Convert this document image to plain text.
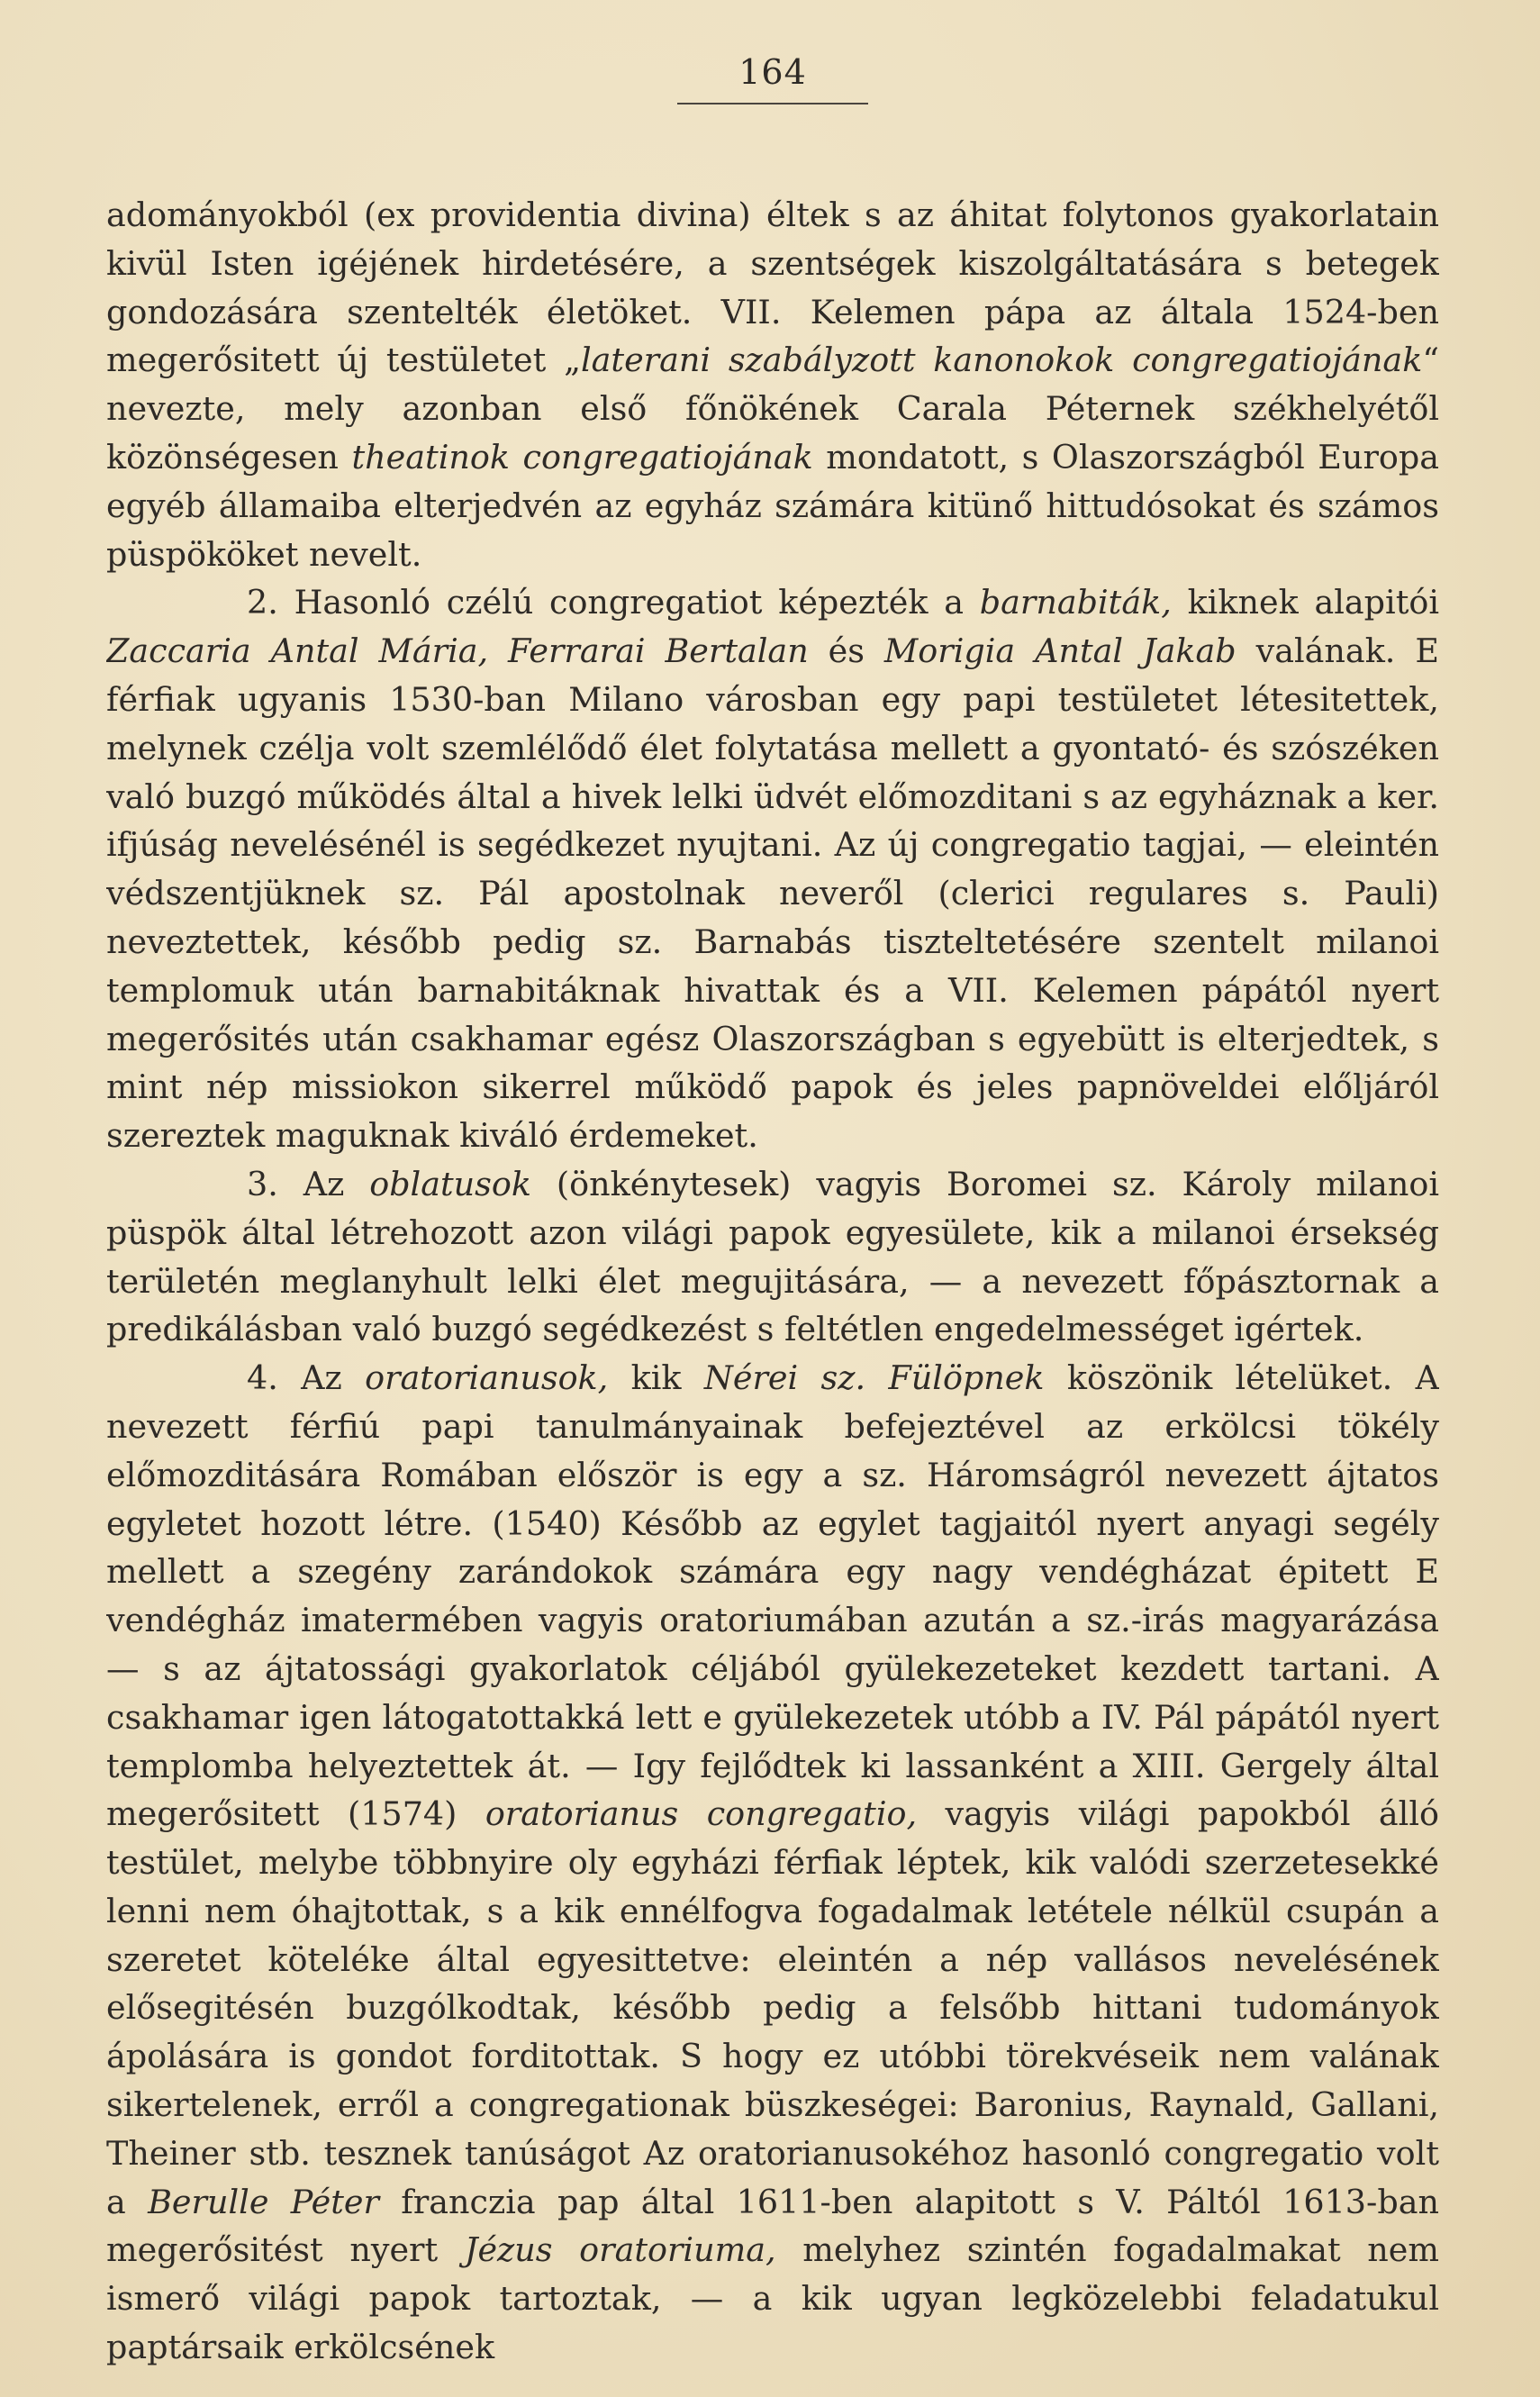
164

adományokból (ex providentia divina) éltek s az áhitat folytonos gyakorlatain kivül Isten igéjének hirdetésére, a szentségek kiszolgáltatására s betegek gondozására szentelték életöket. VII. Kelemen pápa az általa 1524-ben megerősitett új testületet „laterani szabályzott kanonokok congregatiojának“ nevezte, mely azonban első főnökének Carala Péternek székhelyétől közönségesen theatinok congregatiojának mondatott, s Olaszországból Europa egyéb államaiba elterjedvén az egyház számára kitünő hittudósokat és számos püspököket nevelt.

2. Hasonló czélú congregatiot képezték a barnabiták, kiknek alapitói Zaccaria Antal Mária, Ferrarai Bertalan és Morigia Antal Jakab valának. E férfiak ugyanis 1530-ban Milano városban egy papi testületet létesitettek, melynek czélja volt szemlélődő élet folytatása mellett a gyontató- és szószéken való buzgó működés által a hivek lelki üdvét előmozditani s az egyháznak a ker. ifjúság nevelésénél is segédkezet nyujtani. Az új congregatio tagjai, — eleintén védszentjüknek sz. Pál apostolnak neveről (clerici regulares s. Pauli) neveztettek, később pedig sz. Barnabás tiszteltetésére szentelt milanoi templomuk után barnabitáknak hivattak és a VII. Kelemen pápától nyert megerősités után csakhamar egész Olaszországban s egyebütt is elterjedtek, s mint nép missiokon sikerrel működő papok és jeles papnöveldei előljáról szereztek maguknak kiváló érdemeket.

3. Az oblatusok (önkénytesek) vagyis Boromei sz. Károly milanoi püspök által létrehozott azon világi papok egyesülete, kik a milanoi érsekség területén meglanyhult lelki élet megujitására, — a nevezett főpásztornak a predikálásban való buzgó segédkezést s feltétlen engedelmességet igértek.

4. Az oratorianusok, kik Nérei sz. Fülöpnek köszönik lételüket. A nevezett férfiú papi tanulmányainak befejeztével az erkölcsi tökély előmozditására Romában először is egy a sz. Háromságról nevezett ájtatos egyletet hozott létre. (1540) Később az egylet tagjaitól nyert anyagi segély mellett a szegény zarándokok számára egy nagy vendégházat épitett E vendégház imatermében vagyis oratoriumában azután a sz.-irás magyarázása — s az ájtatossági gyakorlatok céljából gyülekezeteket kezdett tartani. A csakhamar igen látogatottakká lett e gyülekezetek utóbb a IV. Pál pápától nyert templomba helyeztettek át. — Igy fejlődtek ki lassanként a XIII. Gergely által megerősitett (1574) oratorianus congregatio, vagyis világi papokból álló testület, melybe többnyire oly egyházi férfiak léptek, kik valódi szerzetesekké lenni nem óhajtottak, s a kik ennélfogva fogadalmak letétele nélkül csupán a szeretet köteléke által egyesittetve: eleintén a nép vallásos nevelésének elősegitésén buzgólkodtak, később pedig a felsőbb hittani tudományok ápolására is gondot forditottak. S hogy ez utóbbi törekvéseik nem valának sikertelenek, erről a congregationak büszkeségei: Baronius, Raynald, Gallani, Theiner stb. tesznek tanúságot Az oratorianusokéhoz hasonló congregatio volt a Berulle Péter franczia pap által 1611-ben alapitott s V. Páltól 1613-ban megerősitést nyert Jézus oratoriuma, melyhez szintén fogadalmakat nem ismerő világi papok tartoztak, — a kik ugyan legközelebbi feladatukul paptársaik erkölcsének
